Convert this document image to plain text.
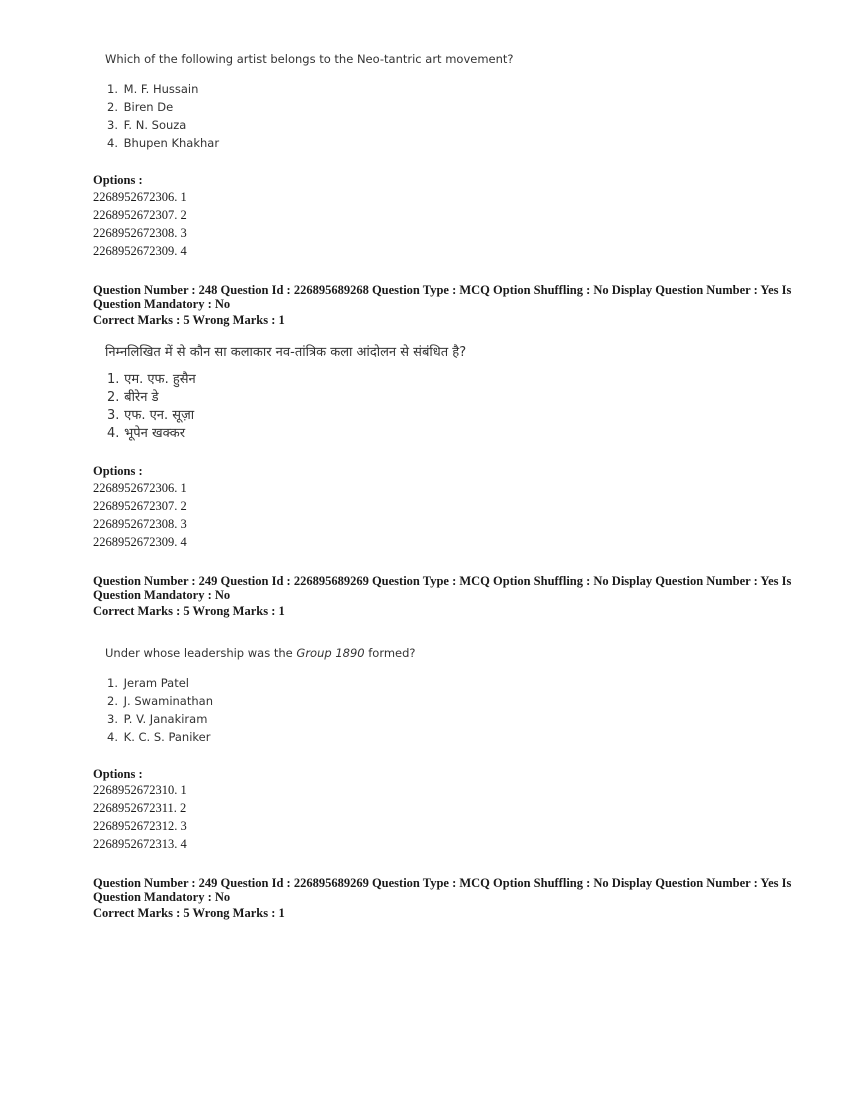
Which of the following artist belongs to the Neo-tantric art movement?
1. M. F. Hussain
2. Biren De
3. F. N. Souza
4. Bhupen Khakhar
Options :
2268952672306. 1
2268952672307. 2
2268952672308. 3
2268952672309. 4
Question Number : 248 Question Id : 226895689268 Question Type : MCQ Option Shuffling : No Display Question Number : Yes Is
Question Mandatory : No
Correct Marks : 5 Wrong Marks : 1
निम्नलिखित में से कौन सा कलाकार नव-तांत्रिक कला आंदोलन से संबंधित है?
1. एम. एफ. हुसैन
2. बीरेन डे
3. एफ. एन. सूज़ा
4. भूपेन खक्कर
Options :
2268952672306. 1
2268952672307. 2
2268952672308. 3
2268952672309. 4
Question Number : 249 Question Id : 226895689269 Question Type : MCQ Option Shuffling : No Display Question Number : Yes Is
Question Mandatory : No
Correct Marks : 5 Wrong Marks : 1
Under whose leadership was the Group 1890 formed?
1. Jeram Patel
2. J. Swaminathan
3. P. V. Janakiram
4. K. C. S. Paniker
Options :
2268952672310. 1
2268952672311. 2
2268952672312. 3
2268952672313. 4
Question Number : 249 Question Id : 226895689269 Question Type : MCQ Option Shuffling : No Display Question Number : Yes Is
Question Mandatory : No
Correct Marks : 5 Wrong Marks : 1
